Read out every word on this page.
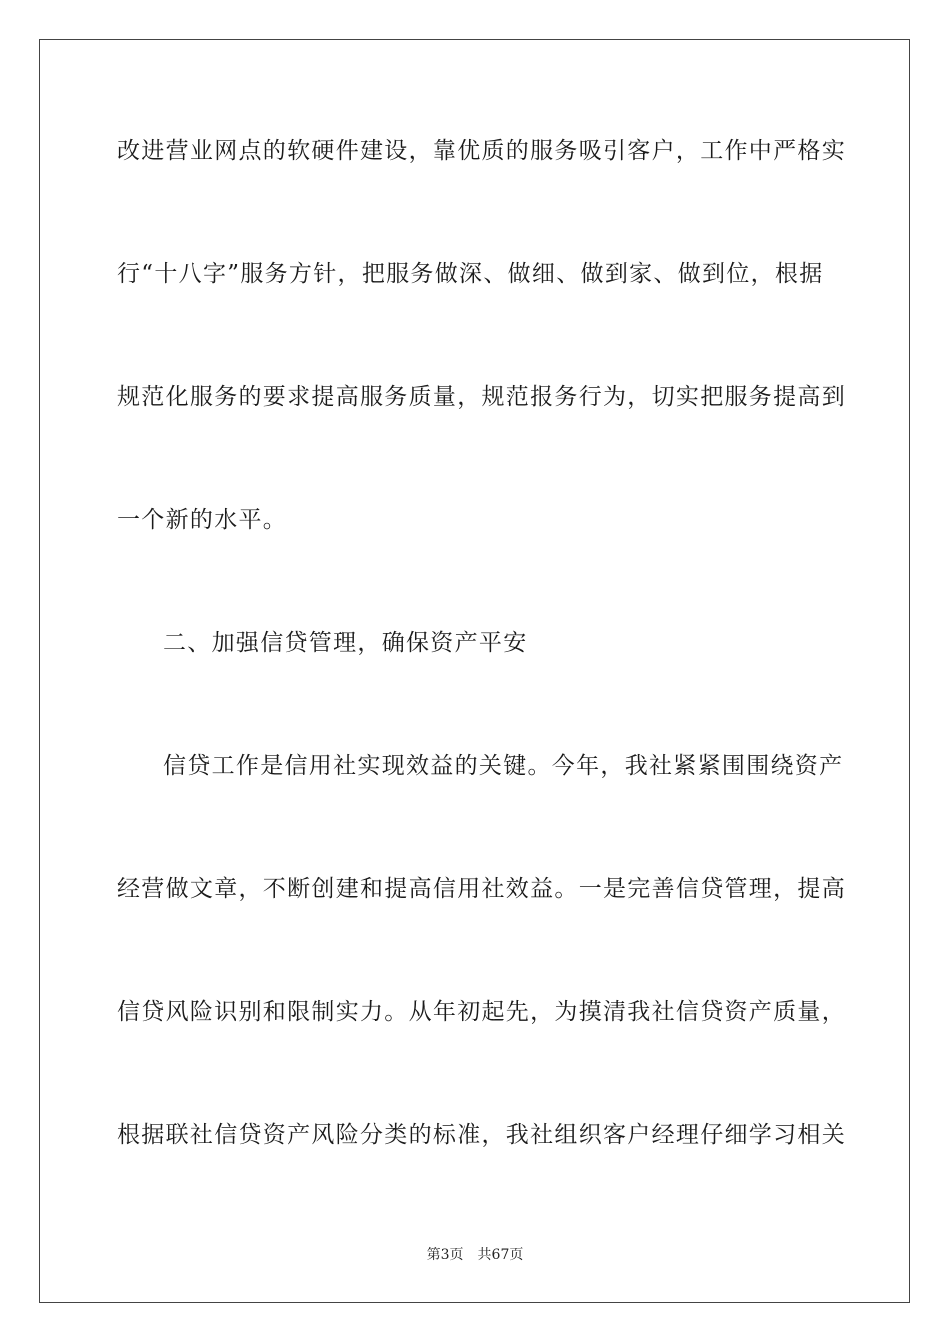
改进营业网点的软硬件建设，靠优质的服务吸引客户，工作中严格实
行“十八字”服务方针，把服务做深、做细、做到家、做到位，根据
规范化服务的要求提高服务质量，规范报务行为，切实把服务提高到
一个新的水平。
二、加强信贷管理，确保资产平安
信贷工作是信用社实现效益的关键。今年，我社紧紧围围绕资产
经营做文章，不断创建和提高信用社效益。一是完善信贷管理，提高
信贷风险识别和限制实力。从年初起先，为摸清我社信贷资产质量，
根据联社信贷资产风险分类的标准，我社组织客户经理仔细学习相关
第3页 共67页
